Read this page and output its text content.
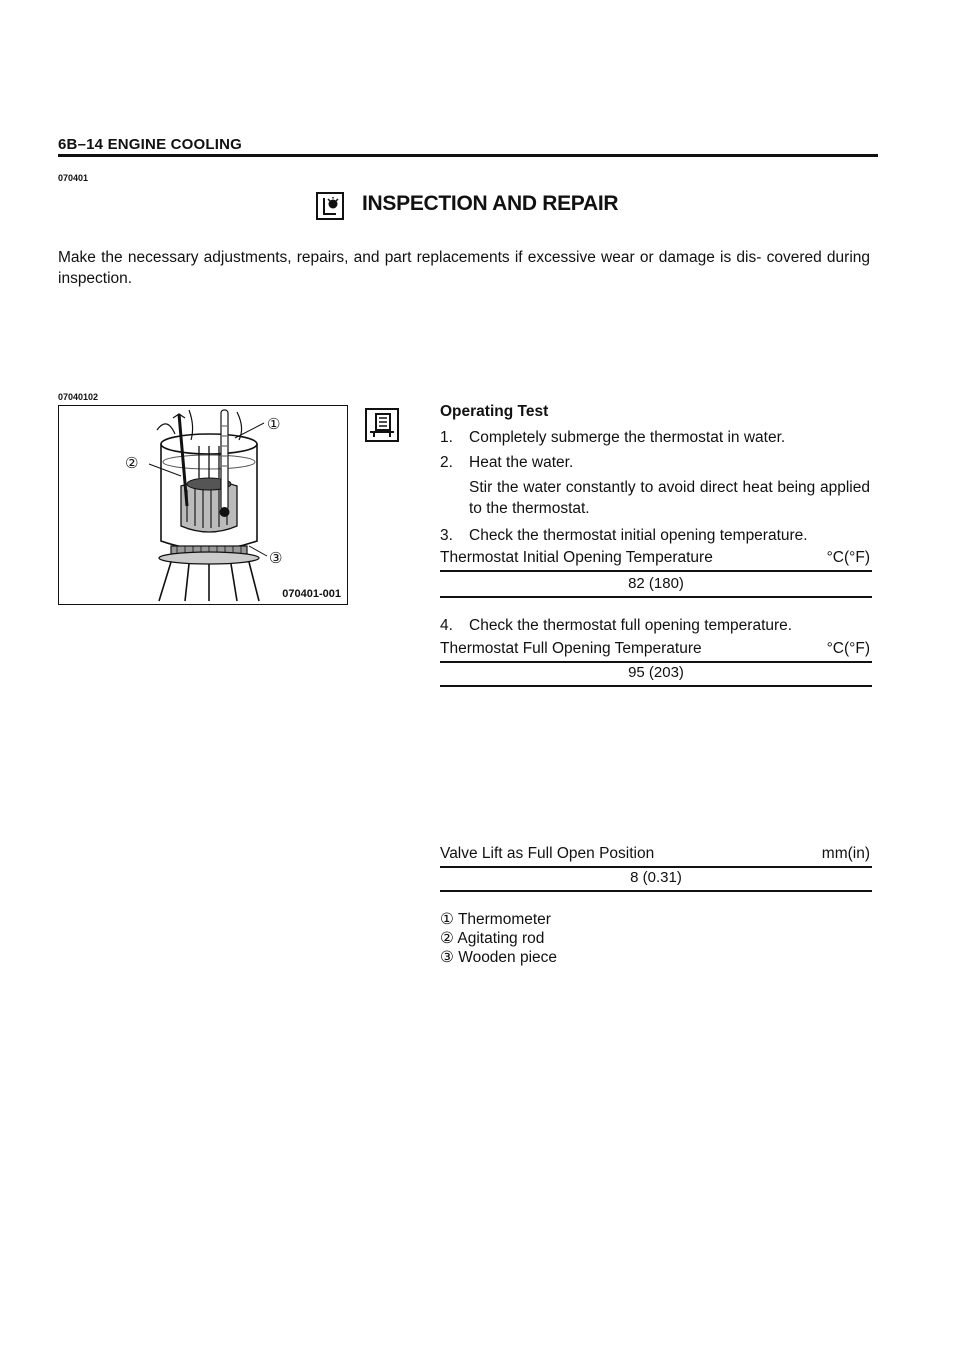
6B–14 ENGINE COOLING
070401
INSPECTION AND REPAIR
Make the necessary adjustments, repairs, and part replacements if excessive wear or damage is dis- covered during inspection.
07040102
①
②
③
070401-001
Operating Test
1. Completely submerge the thermostat in water.
2. Heat the water.
Stir the water constantly to avoid direct heat being applied to the thermostat.
3. Check the thermostat initial opening temperature.
Thermostat Initial Opening Temperature	°C(°F)
82 (180)
4. Check the thermostat full opening temperature.
Thermostat Full Opening Temperature	°C(°F)
95 (203)
Valve Lift as Full Open Position	mm(in)
8 (0.31)
① Thermometer
② Agitating rod
③ Wooden piece
